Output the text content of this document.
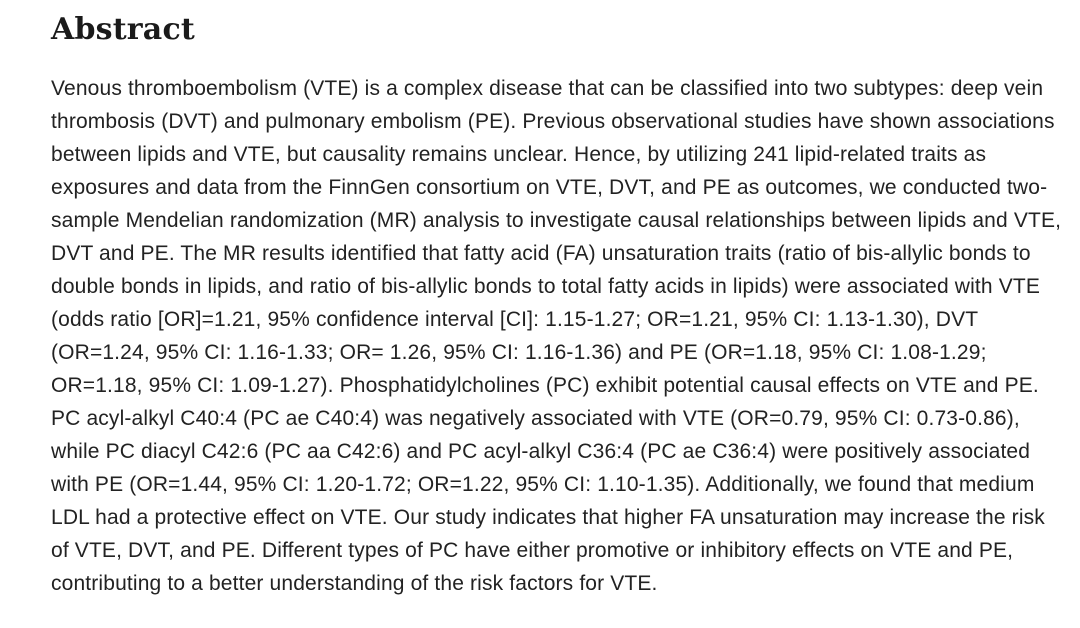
Abstract

Venous thromboembolism (VTE) is a complex disease that can be classified into two subtypes: deep vein thrombosis (DVT) and pulmonary embolism (PE). Previous observational studies have shown associations between lipids and VTE, but causality remains unclear. Hence, by utilizing 241 lipid-related traits as exposures and data from the FinnGen consortium on VTE, DVT, and PE as outcomes, we conducted two-sample Mendelian randomization (MR) analysis to investigate causal relationships between lipids and VTE, DVT and PE. The MR results identified that fatty acid (FA) unsaturation traits (ratio of bis-allylic bonds to double bonds in lipids, and ratio of bis-allylic bonds to total fatty acids in lipids) were associated with VTE (odds ratio [OR]=1.21, 95% confidence interval [CI]: 1.15-1.27; OR=1.21, 95% CI: 1.13-1.30), DVT (OR=1.24, 95% CI: 1.16-1.33; OR= 1.26, 95% CI: 1.16-1.36) and PE (OR=1.18, 95% CI: 1.08-1.29; OR=1.18, 95% CI: 1.09-1.27). Phosphatidylcholines (PC) exhibit potential causal effects on VTE and PE. PC acyl-alkyl C40:4 (PC ae C40:4) was negatively associated with VTE (OR=0.79, 95% CI: 0.73-0.86), while PC diacyl C42:6 (PC aa C42:6) and PC acyl-alkyl C36:4 (PC ae C36:4) were positively associated with PE (OR=1.44, 95% CI: 1.20-1.72; OR=1.22, 95% CI: 1.10-1.35). Additionally, we found that medium LDL had a protective effect on VTE. Our study indicates that higher FA unsaturation may increase the risk of VTE, DVT, and PE. Different types of PC have either promotive or inhibitory effects on VTE and PE, contributing to a better understanding of the risk factors for VTE.
